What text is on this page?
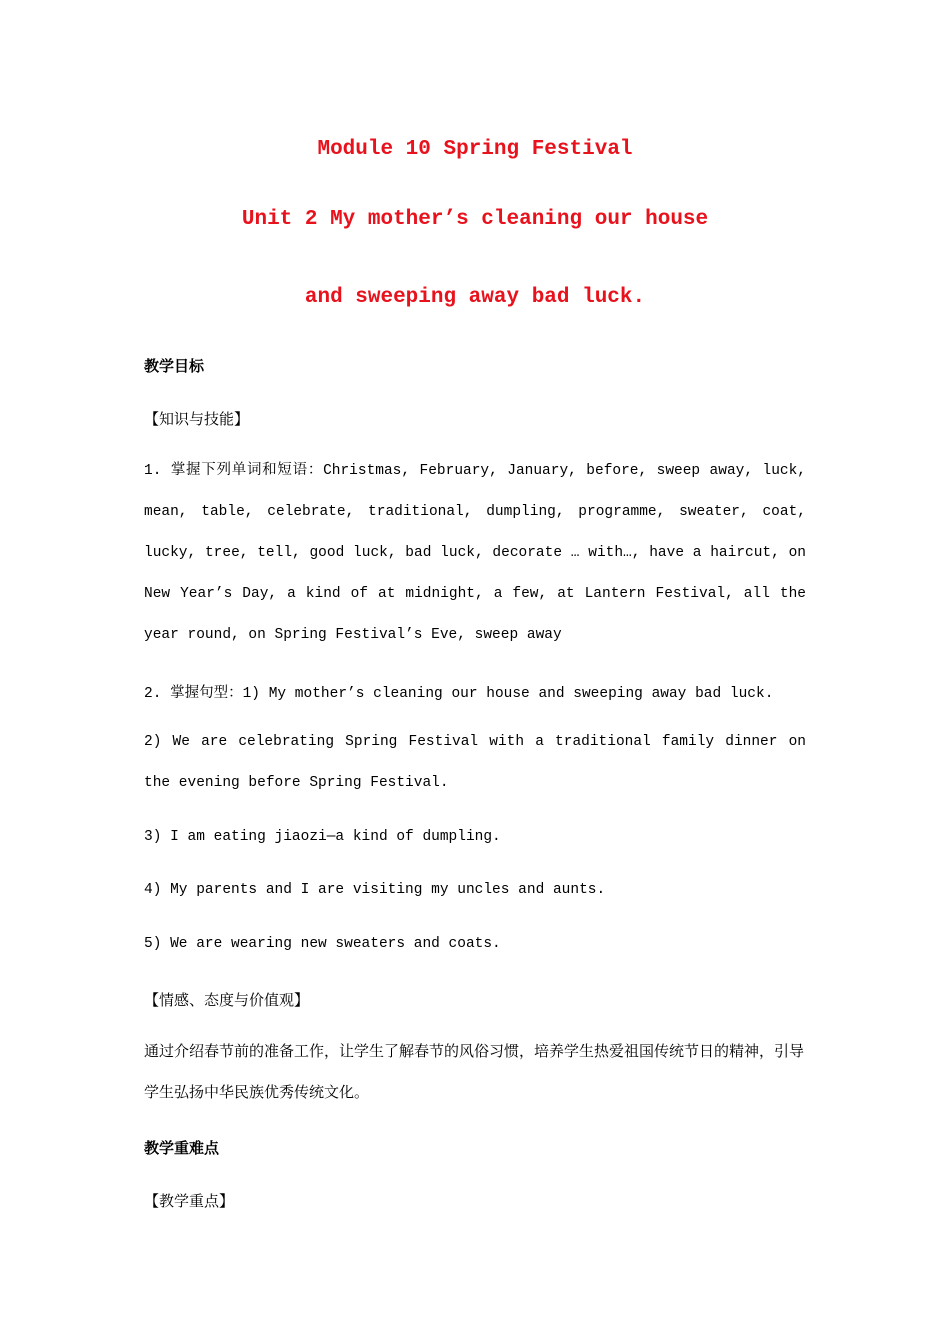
Module 10 Spring Festival
Unit 2 My mother’s cleaning our house
and sweeping away bad luck.
教学目标
【知识与技能】
1. 掌握下列单词和短语：Christmas, February, January, before, sweep away, luck, mean, table, celebrate, traditional, dumpling, programme, sweater, coat, lucky, tree, tell, good luck, bad luck, decorate … with…, have a haircut, on New Year’s Day, a kind of at midnight, a few, at Lantern Festival, all the year round, on Spring Festival’s Eve, sweep away
2. 掌握句型：1) My mother’s cleaning our house and sweeping away bad luck.
2) We are celebrating Spring Festival with a traditional family dinner on the evening before Spring Festival.
3) I am eating jiaozi—a kind of dumpling.
4) My parents and I are visiting my uncles and aunts.
5) We are wearing new sweaters and coats.
【情感、态度与价值观】
通过介绍春节前的准备工作，让学生了解春节的风俗习惯，培养学生热爱祖国传统节日的精神，引导学生弘扬中华民族优秀传统文化。
教学重难点
【教学重点】
